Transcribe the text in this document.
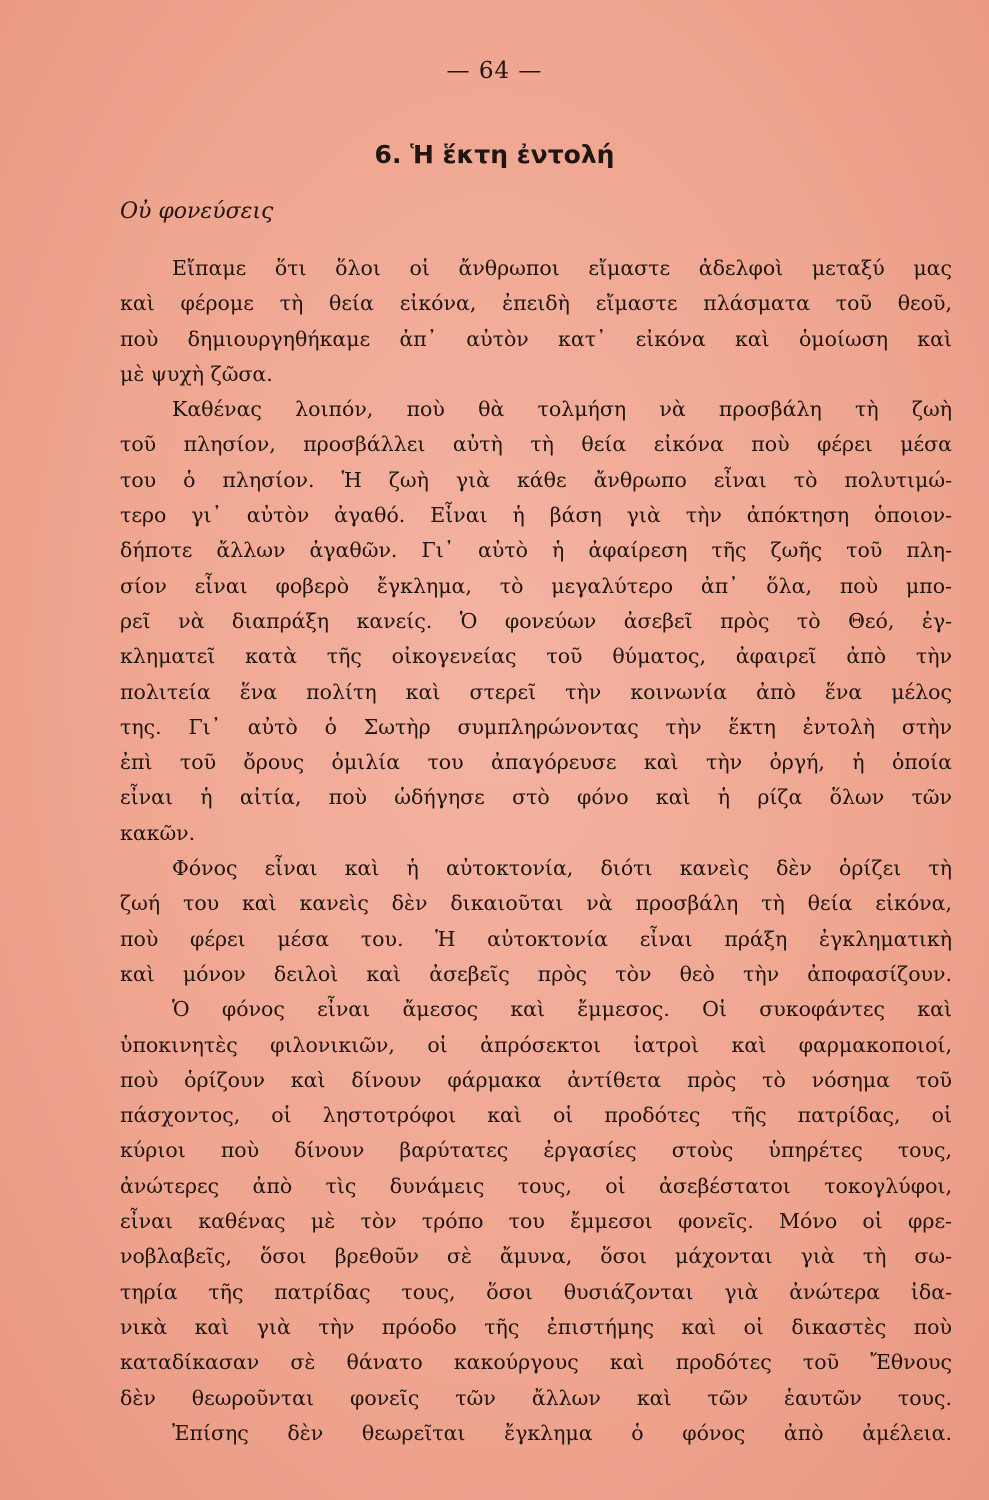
— 64 —
6. Ἡ ἕκτη ἐντολή
Οὐ φονεύσεις
Εἴπαμε ὅτι ὅλοι οἱ ἄνθρωποι εἴμαστε ἀδελφοὶ μεταξύ μας
καὶ φέρομε τὴ θεία εἰκόνα, ἐπειδὴ εἴμαστε πλάσματα τοῦ θεοῦ,
ποὺ δημιουργηθήκαμε ἀπ᾽ αὐτὸν κατ᾽ εἰκόνα καὶ ὁμοίωση καὶ
μὲ ψυχὴ ζῶσα.
Καθένας λοιπόν, ποὺ θὰ τολμήση νὰ προσβάλη τὴ ζωὴ
τοῦ πλησίον, προσβάλλει αὐτὴ τὴ θεία εἰκόνα ποὺ φέρει μέσα
του ὁ πλησίον. Ἡ ζωὴ γιὰ κάθε ἄνθρωπο εἶναι τὸ πολυτιμώ-
τερο γι᾽ αὐτὸν ἀγαθό. Εἶναι ἡ βάση γιὰ τὴν ἀπόκτηση ὁποιον-
δήποτε ἄλλων ἀγαθῶν. Γι᾽ αὐτὸ ἡ ἀφαίρεση τῆς ζωῆς τοῦ πλη-
σίον εἶναι φοβερὸ ἔγκλημα, τὸ μεγαλύτερο ἀπ᾽ ὅλα, ποὺ μπο-
ρεῖ νὰ διαπράξη κανείς. Ὁ φονεύων ἀσεβεῖ πρὸς τὸ Θεό, ἐγ-
κληματεῖ κατὰ τῆς οἰκογενείας τοῦ θύματος, ἀφαιρεῖ ἀπὸ τὴν
πολιτεία ἕνα πολίτη καὶ στερεῖ τὴν κοινωνία ἀπὸ ἕνα μέλος
της. Γι᾽ αὐτὸ ὁ Σωτὴρ συμπληρώνοντας τὴν ἕκτη ἐντολὴ στὴν
ἐπὶ τοῦ ὄρους ὁμιλία του ἀπαγόρευσε καὶ τὴν ὀργή, ἡ ὁποία
εἶναι ἡ αἰτία, ποὺ ὡδήγησε στὸ φόνο καὶ ἡ ρίζα ὅλων τῶν
κακῶν.
Φόνος εἶναι καὶ ἡ αὐτοκτονία, διότι κανεὶς δὲν ὁρίζει τὴ
ζωή του καὶ κανεὶς δὲν δικαιοῦται νὰ προσβάλη τὴ θεία εἰκόνα,
ποὺ φέρει μέσα του. Ἡ αὐτοκτονία εἶναι πράξη ἐγκληματικὴ
καὶ μόνον δειλοὶ καὶ ἀσεβεῖς πρὸς τὸν θεὸ τὴν ἀποφασίζουν.
Ὁ φόνος εἶναι ἄμεσος καὶ ἔμμεσος. Οἱ συκοφάντες καὶ
ὑποκινητὲς φιλονικιῶν, οἱ ἀπρόσεκτοι ἰατροὶ καὶ φαρμακοποιοί,
ποὺ ὁρίζουν καὶ δίνουν φάρμακα ἀντίθετα πρὸς τὸ νόσημα τοῦ
πάσχοντος, οἱ ληστοτρόφοι καὶ οἱ προδότες τῆς πατρίδας, οἱ
κύριοι ποὺ δίνουν βαρύτατες ἐργασίες στοὺς ὑπηρέτες τους,
ἀνώτερες ἀπὸ τὶς δυνάμεις τους, οἱ ἀσεβέστατοι τοκογλύφοι,
εἶναι καθένας μὲ τὸν τρόπο του ἔμμεσοι φονεῖς. Μόνο οἱ φρε-
νοβλαβεῖς, ὅσοι βρεθοῦν σὲ ἄμυνα, ὅσοι μάχονται γιὰ τὴ σω-
τηρία τῆς πατρίδας τους, ὅσοι θυσιάζονται γιὰ ἀνώτερα ἰδα-
νικὰ καὶ γιὰ τὴν πρόοδο τῆς ἐπιστήμης καὶ οἱ δικαστὲς ποὺ
καταδίκασαν σὲ θάνατο κακούργους καὶ προδότες τοῦ Ἔθνους
δὲν θεωροῦνται φονεῖς τῶν ἄλλων καὶ τῶν ἑαυτῶν τους.
Ἐπίσης δὲν θεωρεῖται ἔγκλημα ὁ φόνος ἀπὸ ἀμέλεια.
